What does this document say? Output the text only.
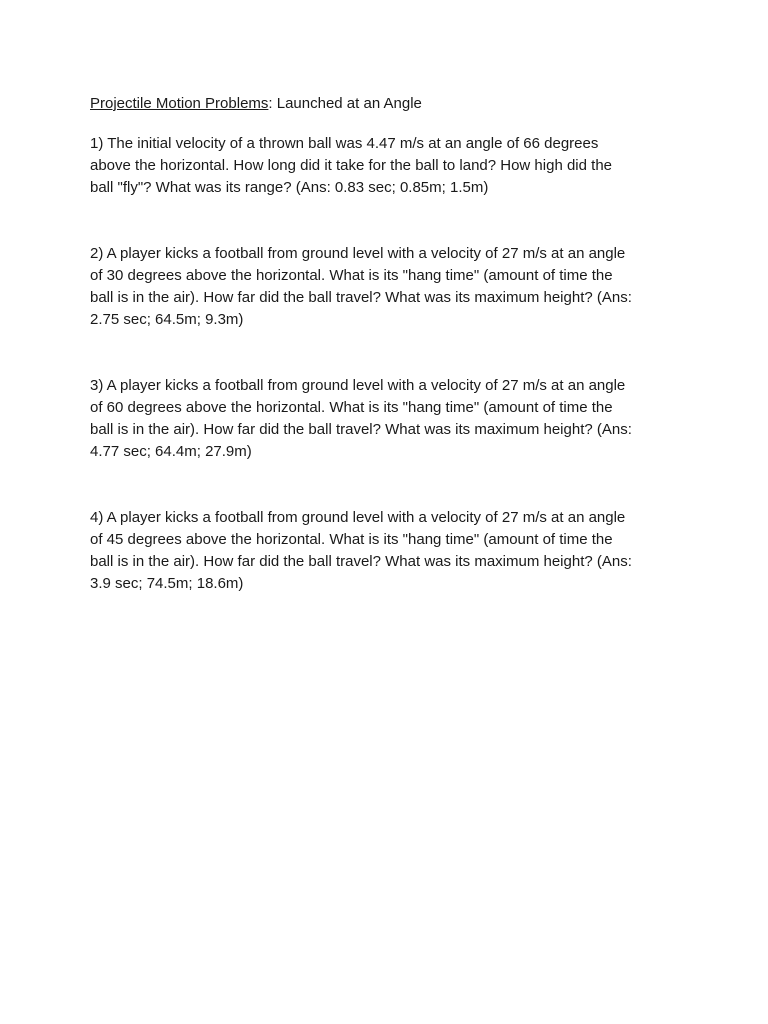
Projectile Motion Problems: Launched at an Angle

1) The initial velocity of a thrown ball was 4.47 m/s at an angle of 66 degrees
above the horizontal. How long did it take for the ball to land? How high did the
ball "fly"? What was its range? (Ans: 0.83 sec; 0.85m; 1.5m)

2) A player kicks a football from ground level with a velocity of 27 m/s at an angle
of 30 degrees above the horizontal. What is its "hang time" (amount of time the
ball is in the air). How far did the ball travel? What was its maximum height? (Ans:
2.75 sec; 64.5m; 9.3m)

3) A player kicks a football from ground level with a velocity of 27 m/s at an angle
of 60 degrees above the horizontal. What is its "hang time" (amount of time the
ball is in the air). How far did the ball travel? What was its maximum height? (Ans:
4.77 sec; 64.4m; 27.9m)

4) A player kicks a football from ground level with a velocity of 27 m/s at an angle
of 45 degrees above the horizontal. What is its "hang time" (amount of time the
ball is in the air). How far did the ball travel? What was its maximum height? (Ans:
3.9 sec; 74.5m; 18.6m)
